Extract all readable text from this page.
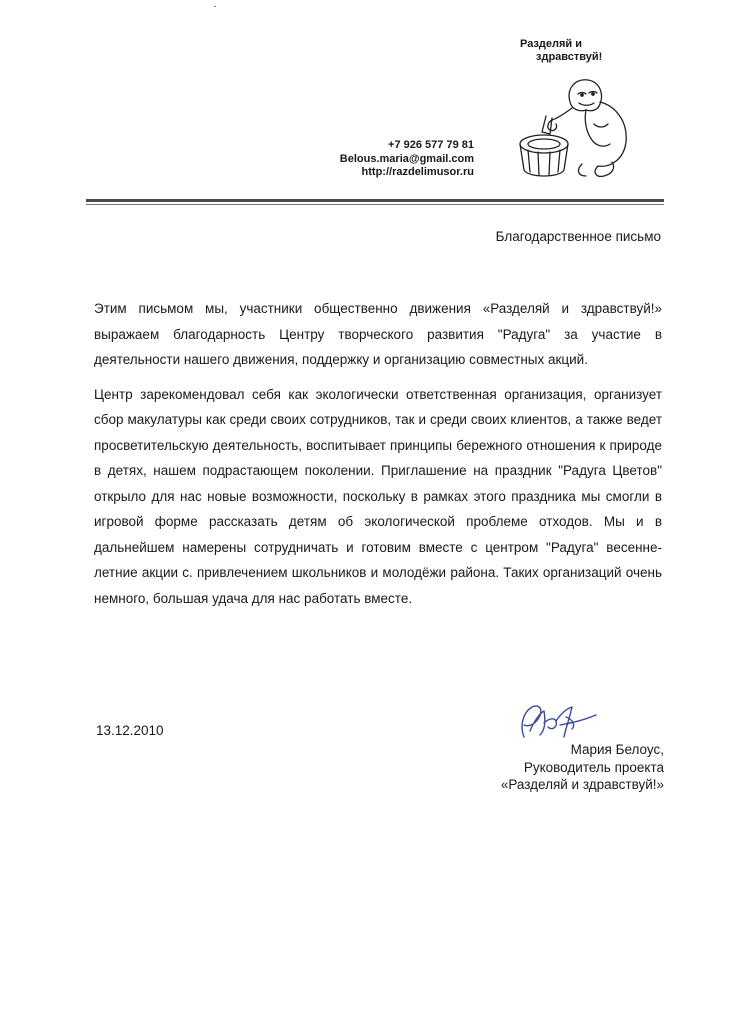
Разделяй и
здравствуй!
+7 926 577 79 81
Belous.maria@gmail.com
http://razdelimusor.ru
Благодарственное письмо

Этим письмом мы, участники общественно движения «Разделяй и здравствуй!» выражаем благодарность Центру творческого развития "Радуга" за участие в деятельности нашего движения, поддержку и организацию совместных акций.

Центр зарекомендовал себя как экологически ответственная организация, организует сбор макулатуры как среди своих сотрудников, так и среди своих клиентов, а также ведет просветительскую деятельность, воспитывает принципы бережного отношения к природе в детях, нашем подрастающем поколении. Приглашение на праздник "Радуга Цветов" открыло для нас новые возможности, поскольку в рамках этого праздника мы смогли в игровой форме рассказать детям об экологической проблеме отходов. Мы и в дальнейшем намерены сотрудничать и готовим вместе с центром "Радуга" весенне-летние акции с. привлечением школьников и молодёжи района. Таких организаций очень немного, большая удача для нас работать вместе.

13.12.2010
Мария Белоус,
Руководитель проекта
«Разделяй и здравствуй!»
